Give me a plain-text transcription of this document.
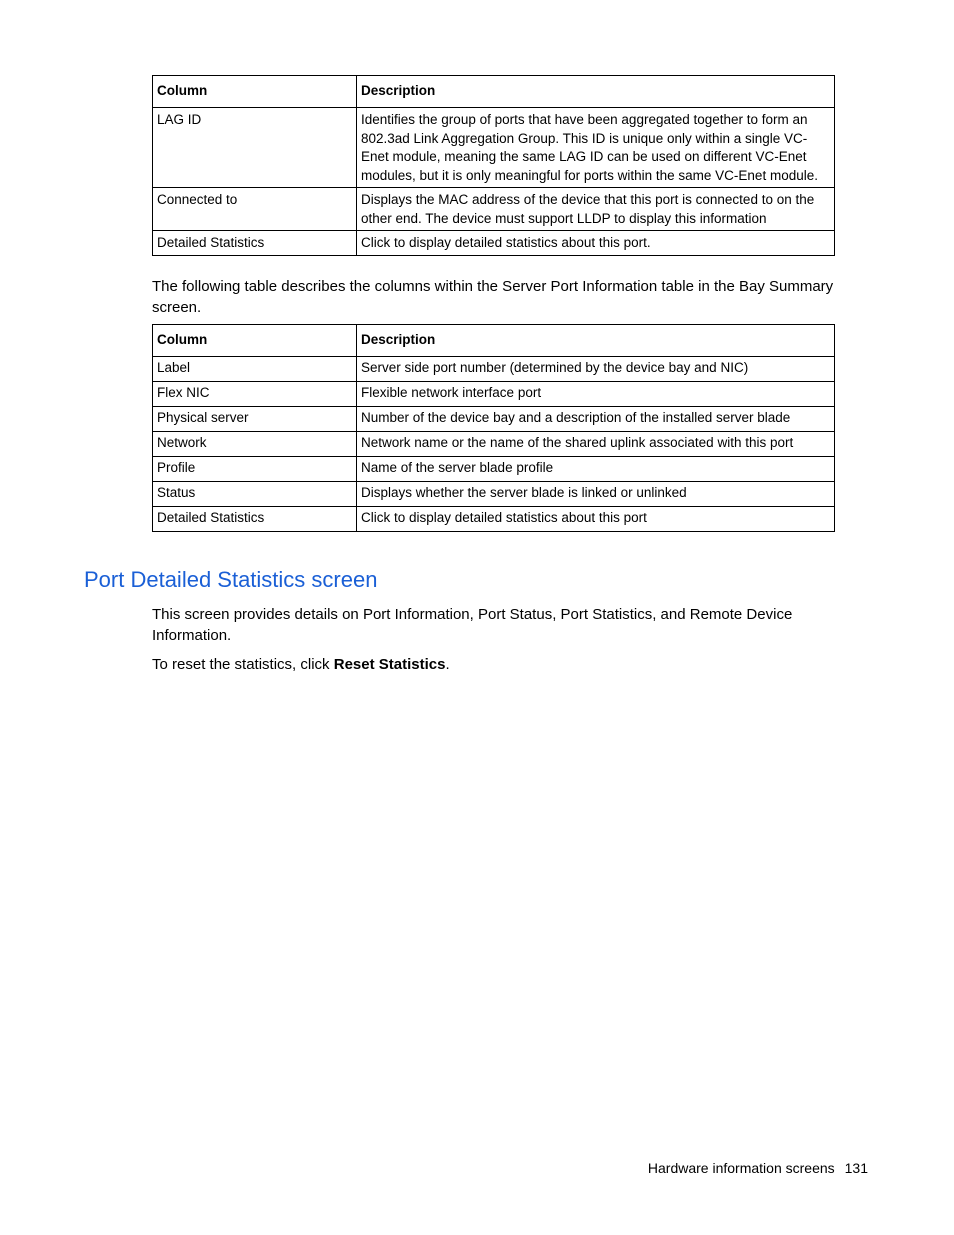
Column	Description
LAG ID	Identifies the group of ports that have been aggregated together to form an 802.3ad Link Aggregation Group. This ID is unique only within a single VC-Enet module, meaning the same LAG ID can be used on different VC-Enet modules, but it is only meaningful for ports within the same VC-Enet module.
Connected to	Displays the MAC address of the device that this port is connected to on the other end. The device must support LLDP to display this information
Detailed Statistics	Click to display detailed statistics about this port.

The following table describes the columns within the Server Port Information table in the Bay Summary screen.

Column	Description
Label	Server side port number (determined by the device bay and NIC)
Flex NIC	Flexible network interface port
Physical server	Number of the device bay and a description of the installed server blade
Network	Network name or the name of the shared uplink associated with this port
Profile	Name of the server blade profile
Status	Displays whether the server blade is linked or unlinked
Detailed Statistics	Click to display detailed statistics about this port
Port Detailed Statistics screen

This screen provides details on Port Information, Port Status, Port Statistics, and Remote Device Information.

To reset the statistics, click Reset Statistics.

Hardware information screens 131
